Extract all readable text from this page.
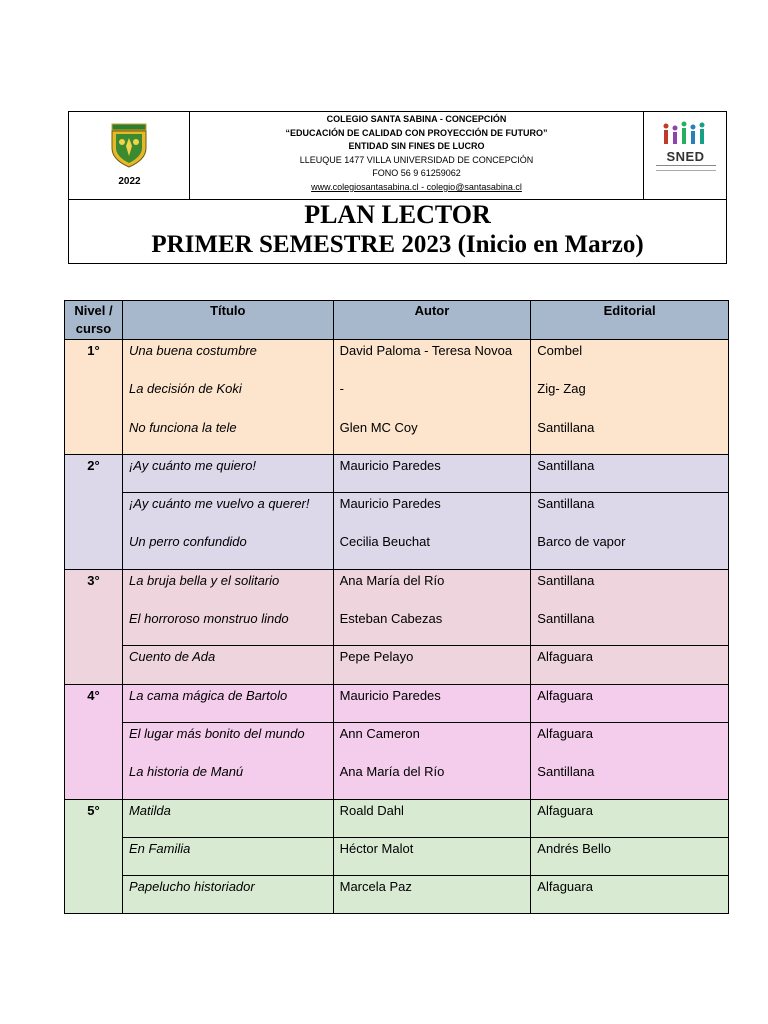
2022
COLEGIO SANTA SABINA - CONCEPCIÓN
“EDUCACIÓN DE CALIDAD CON PROYECCIÓN DE FUTURO”
ENTIDAD SIN FINES DE LUCRO
LLEUQUE 1477 VILLA UNIVERSIDAD DE CONCEPCIÓN
FONO 56 9 61259062
www.colegiosantasabina.cl - colegio@santasabina.cl
SNED
PLAN LECTOR
PRIMER SEMESTRE 2023 (Inicio en Marzo)
Nivel / curso	Título	Autor	Editorial
1°	Una buena costumbre	David Paloma - Teresa Novoa	Combel
	La decisión de Koki	-	Zig- Zag
	No funciona la tele	Glen MC Coy	Santillana
2°	¡Ay cuánto me quiero!	Mauricio Paredes	Santillana
	¡Ay cuánto me vuelvo a querer!	Mauricio Paredes	Santillana
	Un perro confundido	Cecilia Beuchat	Barco de vapor
3°	La bruja bella y el solitario	Ana María del Río	Santillana
	El horroroso monstruo lindo	Esteban Cabezas	Santillana
	Cuento de Ada	Pepe Pelayo	Alfaguara
4°	La cama mágica de Bartolo	Mauricio Paredes	Alfaguara
	El lugar más bonito del mundo	Ann Cameron	Alfaguara
	La historia de Manú	Ana María del Río	Santillana
5°	Matilda	Roald Dahl	Alfaguara
	En Familia	Héctor Malot	Andrés Bello
	Papelucho historiador	Marcela Paz	Alfaguara
